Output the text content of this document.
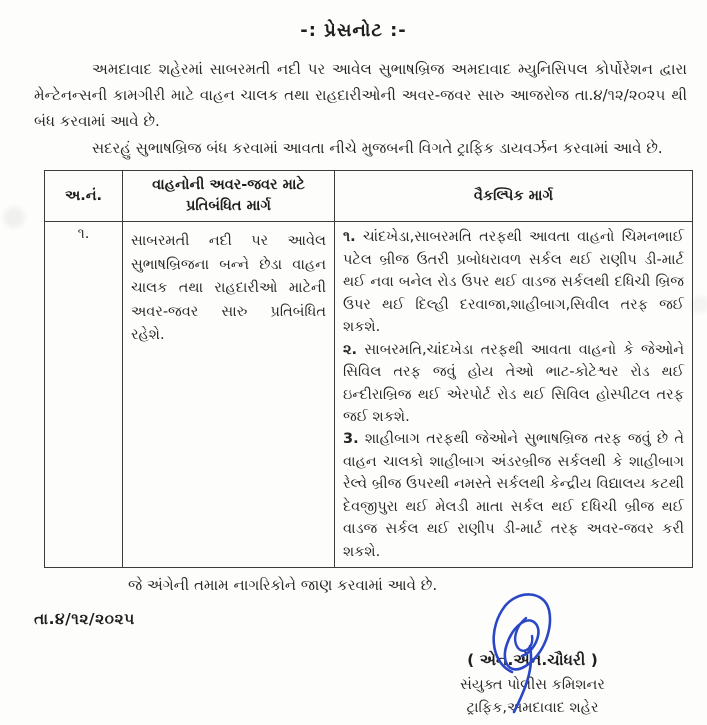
-: પ્રેસનોટ :-

અમદાવાદ શહેરમાં સાબરમતી નદી પર આવેલ સુભાષબ્રિજ અમદાવાદ મ્યુનિસિપલ કોર્પોરેશન દ્વારા મેન્ટેનન્સની કામગીરી માટે વાહન ચાલક તથા રાહદારીઓની અવર-જવર સારુ આજરોજ તા.૪/૧૨/૨૦૨૫ થી બંધ કરવામાં આવે છે.

સદરહું સુભાષબ્રિજ બંધ કરવામાં આવતા નીચે મુજબની વિગતે ટ્રાફિક ડાયવર્ઝન કરવામાં આવે છે.

અ.નં.	વાહનોની અવર-જવર માટે પ્રતિબંધિત માર્ગ	વૈકલ્પિક માર્ગ
૧.	સાબરમતી નદી પર આવેલ સુભાષબ્રિજના બન્ને છેડા વાહન ચાલક તથા રાહદારીઓ માટેની અવર-જવર સારુ પ્રતિબંધિત રહેશે.	૧. ચાંદખેડા,સાબરમતિ તરફથી આવતા વાહનો ચિમનભાઈ પટેલ બ્રીજ ઉતરી પ્રબોધરાવળ સર્કલ થઈ રાણીપ ડી-માર્ટ થઈ નવા બનેલ રોડ ઉપર થઈ વાડજ સર્કલથી દધિચી બ્રિજ ઉપર થઈ દિલ્હી દરવાજા,શાહીબાગ,સિવીલ તરફ જઈ શકશે.
૨. સાબરમતિ,ચાંદખેડા તરફથી આવતા વાહનો કે જેઓને સિવિલ તરફ જવું હોય તેઓ ભાટ-કોટેશ્વર રોડ થઈ ઇન્દીરાબ્રિજ થઈ એરપોર્ટ રોડ થઈ સિવિલ હોસ્પીટલ તરફ જઈ શકશે.
3. શાહીબાગ તરફથી જેઓને સુભાષબ્રિજ તરફ જવું છે તે વાહન ચાલકો શાહીબાગ અંડરબ્રીજ સર્કલથી કે શાહીબાગ રેલ્વે બ્રીજ ઉપરથી નમસ્તે સર્કલથી કેન્દ્રીય વિદ્યાલય કટથી દેવજીપુરા થઈ મેલડી માતા સર્કલ થઈ દધિચી બ્રીજ થઈ વાડજ સર્કલ થઈ રાણીપ ડી-માર્ટ તરફ અવર-જવર કરી શકશે.
જે અંગેની તમામ નાગરિકોને જાણ કરવામાં આવે છે.
તા.૪/૧૨/૨૦૨૫
( એન.એન.ચૌધરી )
સંયુક્ત પોલીસ કમિશનર
ટ્રાફિક,અમદાવાદ શહેર
